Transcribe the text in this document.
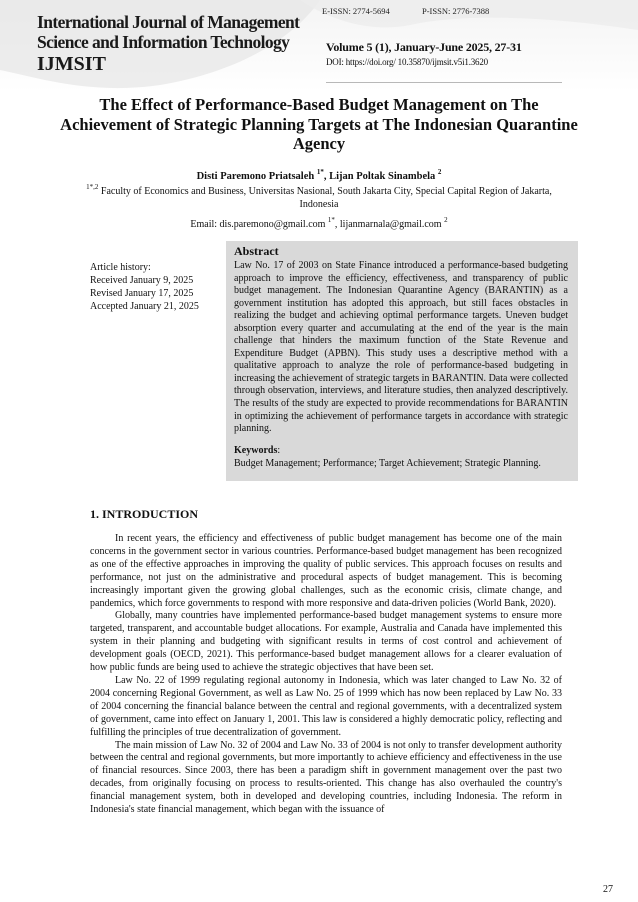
International Journal of Management
Science and Information Technology
IJMSIT
E-ISSN: 2774-5694	P-ISSN: 2776-7388
Volume 5 (1), January-June 2025, 27-31
DOI: https://doi.org/ 10.35870/ijmsit.v5i1.3620
The Effect of Performance-Based Budget Management on The Achievement of Strategic Planning Targets at The Indonesian Quarantine Agency
Disti Paremono Priatsaleh $^{1*}$, Lijan Poltak Sinambela $^2$
$^{1*,2}$ Faculty of Economics and Business, Universitas Nasional, South Jakarta City, Special Capital Region of Jakarta, Indonesia
Email: dis.paremono@gmail.com $^{1*}$, lijanmarnala@gmail.com $^2$
Article history:
Received January 9, 2025
Revised January 17, 2025
Accepted January 21, 2025
Abstract
Law No. 17 of 2003 on State Finance introduced a performance-based budgeting approach to improve the efficiency, effectiveness, and transparency of public budget management. The Indonesian Quarantine Agency (BARANTIN) as a government institution has adopted this approach, but still faces obstacles in realizing the budget and achieving optimal performance targets. Uneven budget absorption every quarter and accumulating at the end of the year is the main challenge that hinders the maximum function of the State Revenue and Expenditure Budget (APBN). This study uses a descriptive method with a qualitative approach to analyze the role of performance-based budgeting in increasing the achievement of strategic targets in BARANTIN. Data were collected through observation, interviews, and literature studies, then analyzed descriptively. The results of the study are expected to provide recommendations for BARANTIN in optimizing the achievement of performance targets in accordance with strategic planning.
Keywords:
Budget Management; Performance; Target Achievement; Strategic Planning.
1. INTRODUCTION

In recent years, the efficiency and effectiveness of public budget management has become one of the main concerns in the government sector in various countries. Performance-based budget management has been recognized as one of the effective approaches in improving the quality of public services. This approach focuses on results and performance, not just on the administrative and procedural aspects of budget management. This is becoming increasingly important given the growing global challenges, such as the economic crisis, climate change, and pandemics, which force governments to respond with more responsive and data-driven policies (World Bank, 2020).

Globally, many countries have implemented performance-based budget management systems to ensure more targeted, transparent, and accountable budget allocations. For example, Australia and Canada have implemented this system in their planning and budgeting with significant results in terms of cost control and achievement of development goals (OECD, 2021). This performance-based budget management allows for a clearer evaluation of how public funds are being used to achieve the strategic objectives that have been set.

Law No. 22 of 1999 regulating regional autonomy in Indonesia, which was later changed to Law No. 32 of 2004 concerning Regional Government, as well as Law No. 25 of 1999 which has now been replaced by Law No. 33 of 2004 concerning the financial balance between the central and regional governments, with a decentralized system of government, came into effect on January 1, 2001. This law is considered a highly democratic policy, reflecting and fulfilling the principles of true decentralization of government.

The main mission of Law No. 32 of 2004 and Law No. 33 of 2004 is not only to transfer development authority between the central and regional governments, but more importantly to achieve efficiency and effectiveness in the use of financial resources. Since 2003, there has been a paradigm shift in government management over the past two decades, from originally focusing on process to results-oriented. This change has also overhauled the country's financial management system, both in developed and developing countries, including Indonesia. The reform in Indonesia's state financial management, which began with the issuance of

27
